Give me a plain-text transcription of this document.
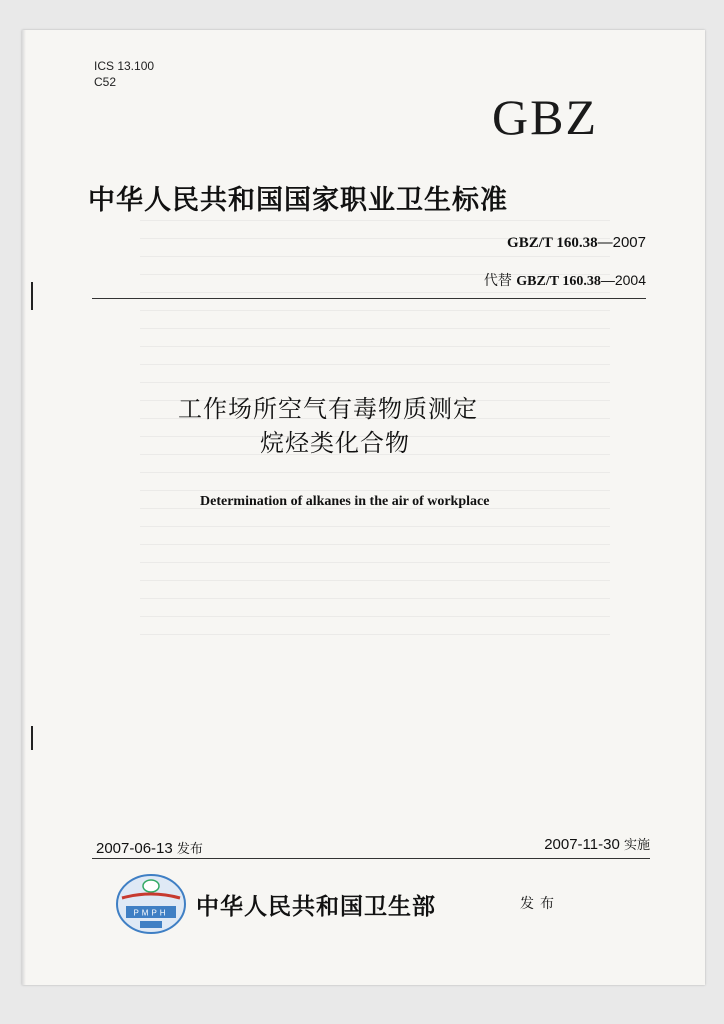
ICS 13.100
C52
GBZ
中华人民共和国国家职业卫生标准
GBZ/T 160.38—2007
代替 GBZ/T 160.38—2004
工作场所空气有毒物质测定
烷烃类化合物
Determination of alkanes in the air of workplace
2007-06-13 发布	2007-11-30 实施
PMPH 中华人民共和国卫生部	发布
